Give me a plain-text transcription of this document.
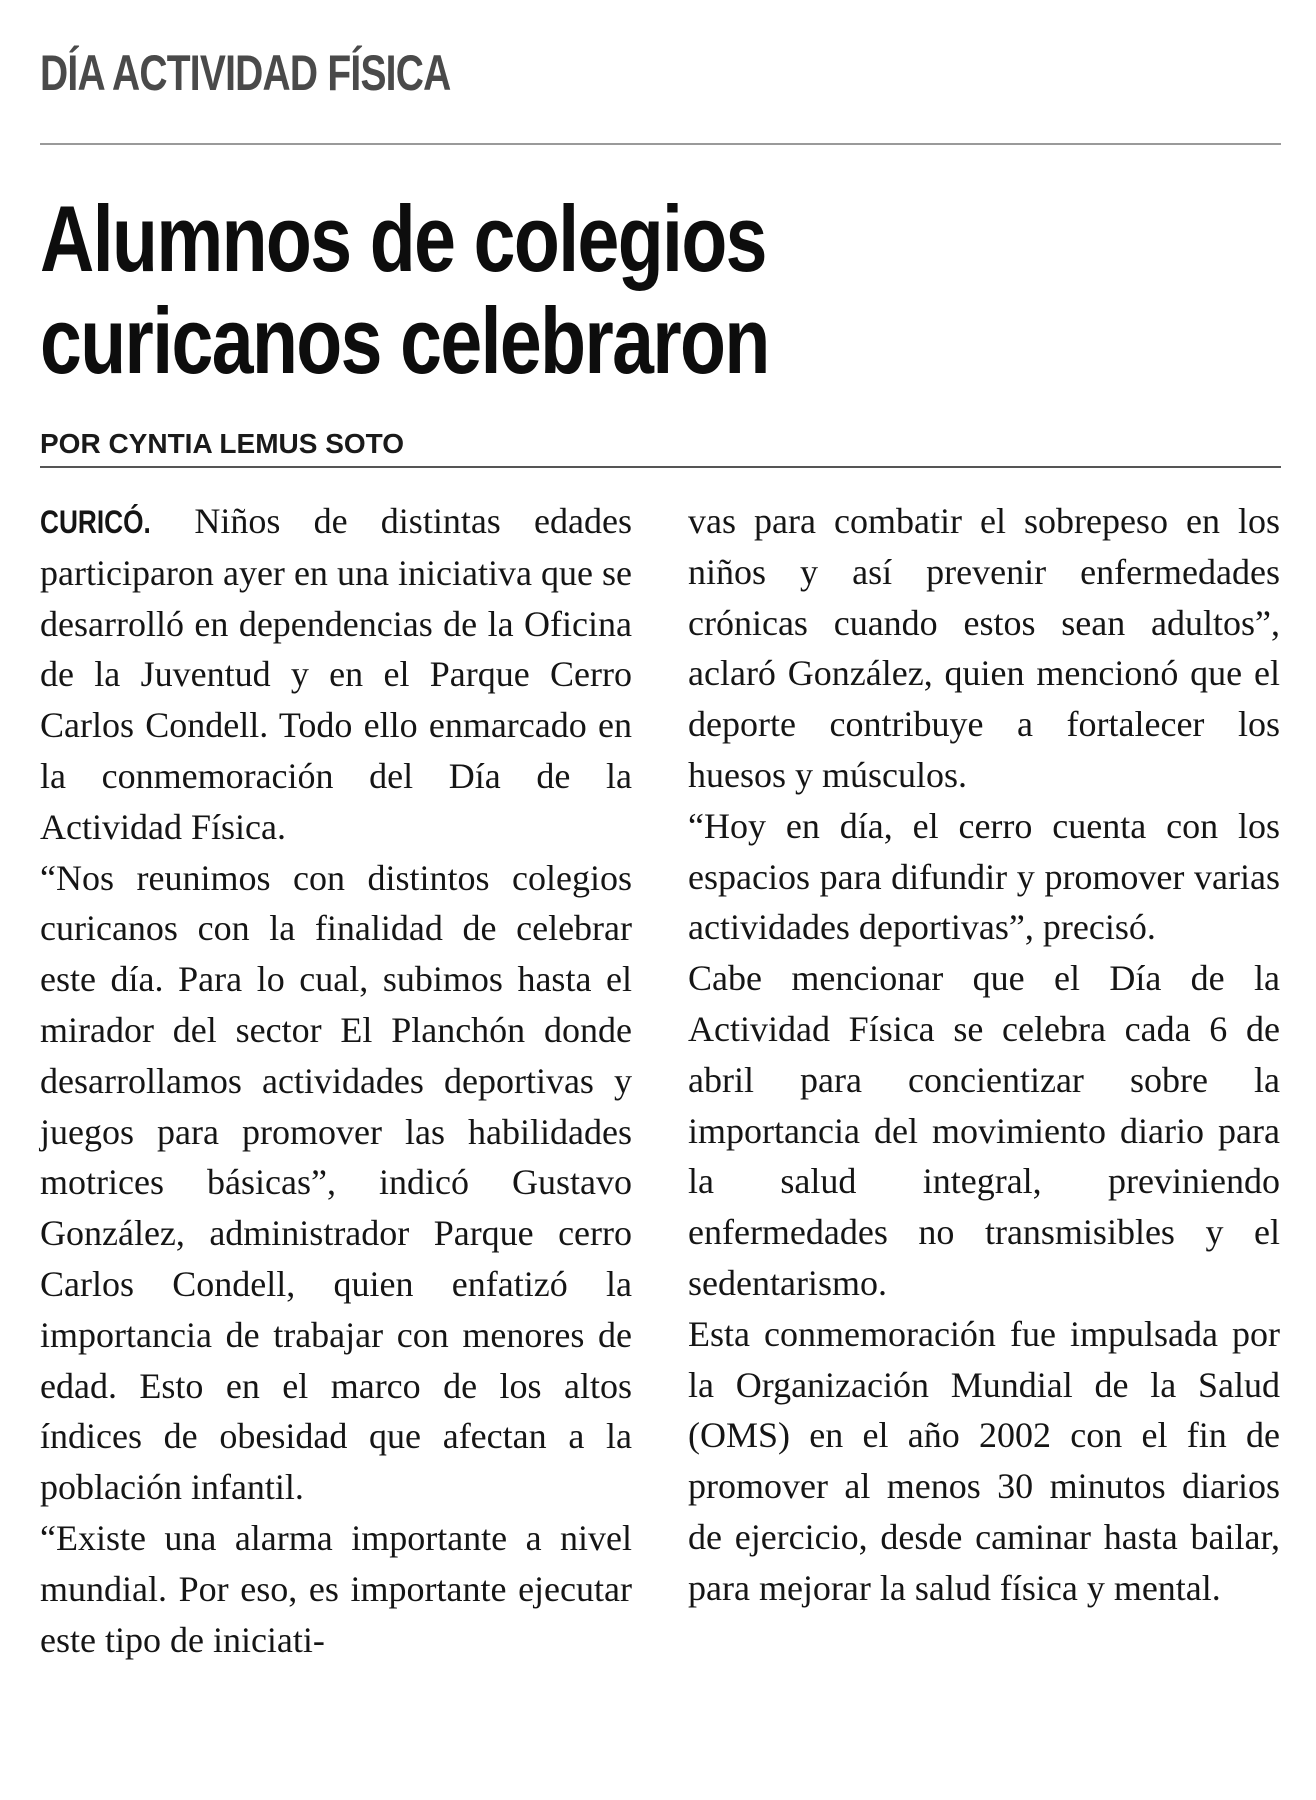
DÍA ACTIVIDAD FÍSICA
Alumnos de colegios
curicanos celebraron
POR CYNTIA LEMUS SOTO

CURICÓ. Niños de distintas edades participaron ayer en una iniciativa que se desarrolló en dependencias de la Oficina de la Juventud y en el Parque Cerro Carlos Condell. Todo ello enmarcado en la conmemoración del Día de la Actividad Física.

“Nos reunimos con distintos colegios curicanos con la finalidad de celebrar este día. Para lo cual, subimos hasta el mirador del sector El Planchón donde desarrollamos actividades deportivas y juegos para promover las habilidades motrices básicas”, indicó Gustavo González, administrador Parque cerro Carlos Condell, quien enfatizó la importancia de trabajar con menores de edad. Esto en el marco de los altos índices de obesidad que afectan a la población infantil.

“Existe una alarma importante a nivel mundial. Por eso, es importante ejecutar este tipo de iniciati-

vas para combatir el sobrepeso en los niños y así prevenir enfermedades crónicas cuando estos sean adultos”, aclaró González, quien mencionó que el deporte contribuye a fortalecer los huesos y músculos.

“Hoy en día, el cerro cuenta con los espacios para difundir y promover varias actividades deportivas”, precisó.

Cabe mencionar que el Día de la Actividad Física se celebra cada 6 de abril para concientizar sobre la importancia del movimiento diario para la salud integral, previniendo enfermedades no transmisibles y el sedentarismo.

Esta conmemoración fue impulsada por la Organización Mundial de la Salud (OMS) en el año 2002 con el fin de promover al menos 30 minutos diarios de ejercicio, desde caminar hasta bailar, para mejorar la salud física y mental.
